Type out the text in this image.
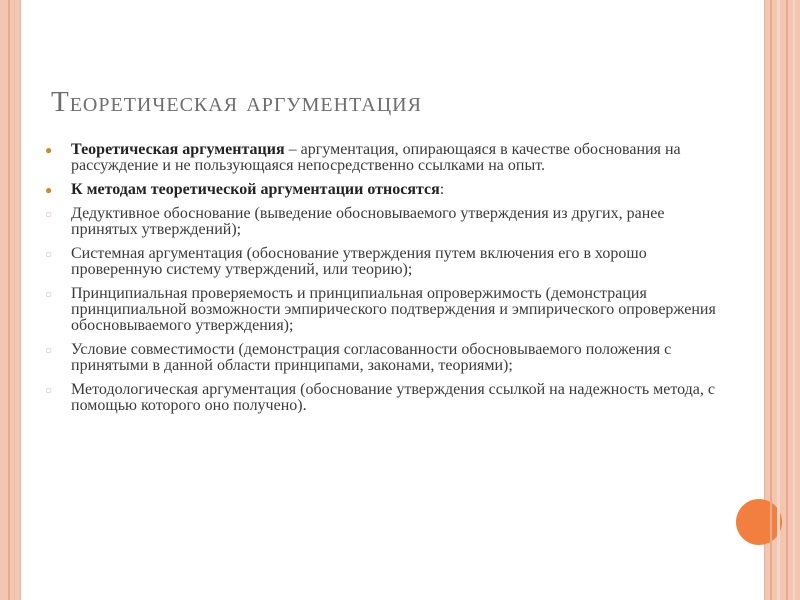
Теоретическая аргументация
● Теоретическая аргументация – аргументация, опирающаяся в качестве обоснования на рассуждение и не пользующаяся непосредственно ссылками на опыт.
● К методам теоретической аргументации относятся:
○ Дедуктивное обоснование (выведение обосновываемого утверждения из других, ранее принятых утверждений);
○ Системная аргументация (обоснование утверждения путем включения его в хорошо проверенную систему утверждений, или теорию);
○ Принципиальная проверяемость и принципиальная опровержимость (демонстрация принципиальной возможности эмпирического подтверждения и эмпирического опровержения обосновываемого утверждения);
○ Условие совместимости (демонстрация согласованности обосновываемого положения с принятыми в данной области принципами, законами, теориями);
○ Методологическая аргументация (обоснование утверждения ссылкой на надежность метода, с помощью которого оно получено).
